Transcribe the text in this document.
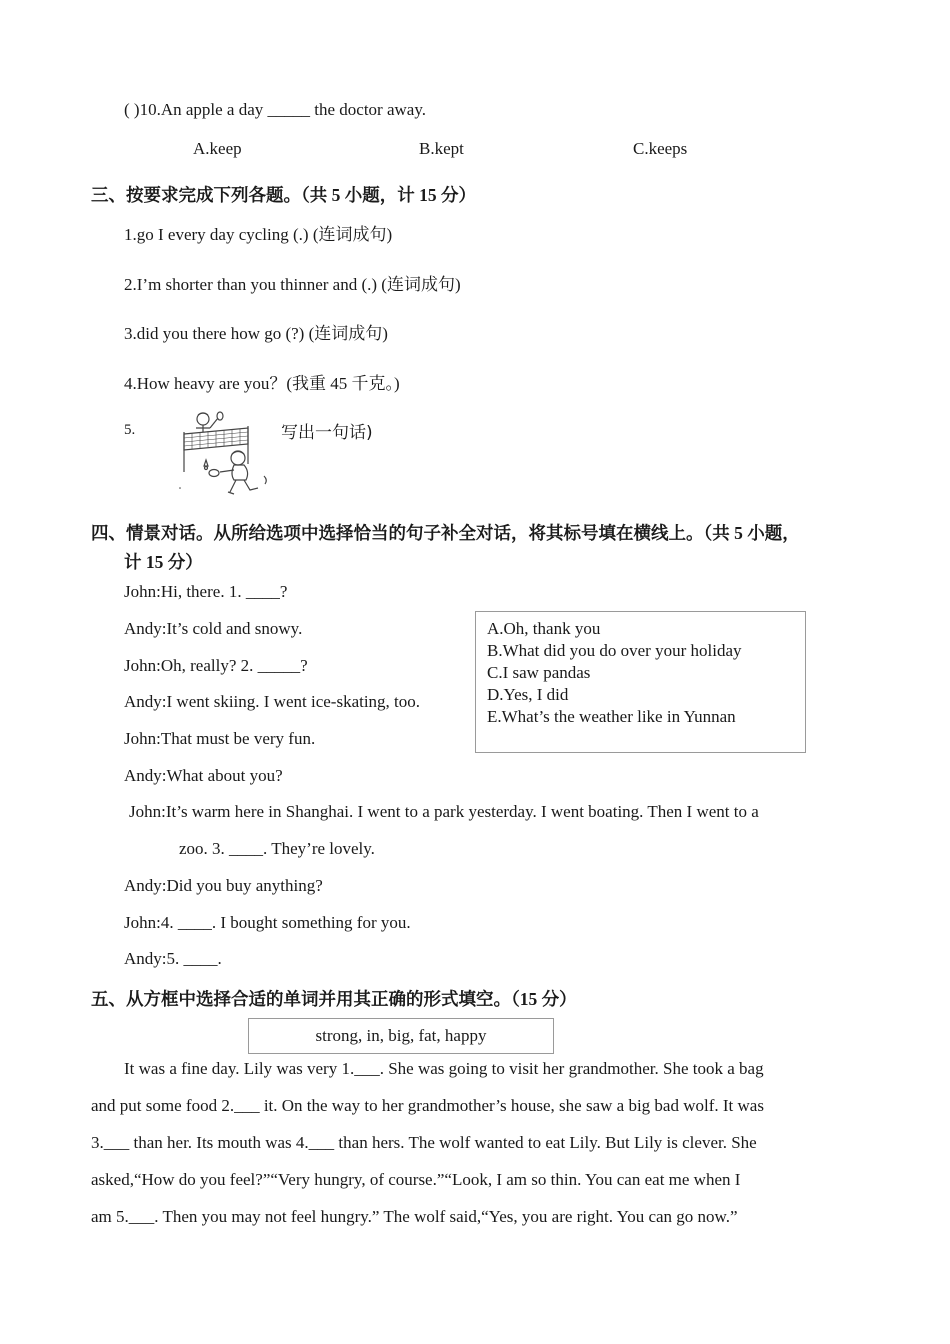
( )10.An apple a day _____ the doctor away.
A.keep	B.kept	C.keeps
三、按要求完成下列各题。（共 5 小题，计 15 分）
1.go I every day cycling (.) (连词成句)
2.I’m shorter than you thinner and (.) (连词成句)
3.did you there how go (?) (连词成句)
4.How heavy are you？(我重 45 千克。)
5.	写出一句话)
四、情景对话。从所给选项中选择恰当的句子补全对话，将其标号填在横线上。（共 5 小题，
计 15 分）
John:Hi, there. 1. ____?
Andy:It’s cold and snowy.
John:Oh, really? 2. _____?
Andy:I went skiing. I went ice-skating, too.
John:That must be very fun.
Andy:What about you?
John:It’s warm here in Shanghai. I went to a park yesterday. I went boating. Then I went to a
zoo. 3. ____. They’re lovely.
Andy:Did you buy anything?
John:4. ____. I bought something for you.
Andy:5. ____.
A.Oh, thank you
B.What did you do over your holiday
C.I saw pandas
D.Yes, I did
E.What’s the weather like in Yunnan
五、从方框中选择合适的单词并用其正确的形式填空。（15 分）
strong, in, big, fat, happy
It was a fine day. Lily was very 1.___. She was going to visit her grandmother. She took a bag
and put some food 2.___ it. On the way to her grandmother’s house, she saw a big bad wolf. It was
3.___ than her. Its mouth was 4.___ than hers. The wolf wanted to eat Lily. But Lily is clever. She
asked,“How do you feel?”“Very hungry, of course.”“Look, I am so thin. You can eat me when I
am 5.___. Then you may not feel hungry.” The wolf said,“Yes, you are right. You can go now.”
